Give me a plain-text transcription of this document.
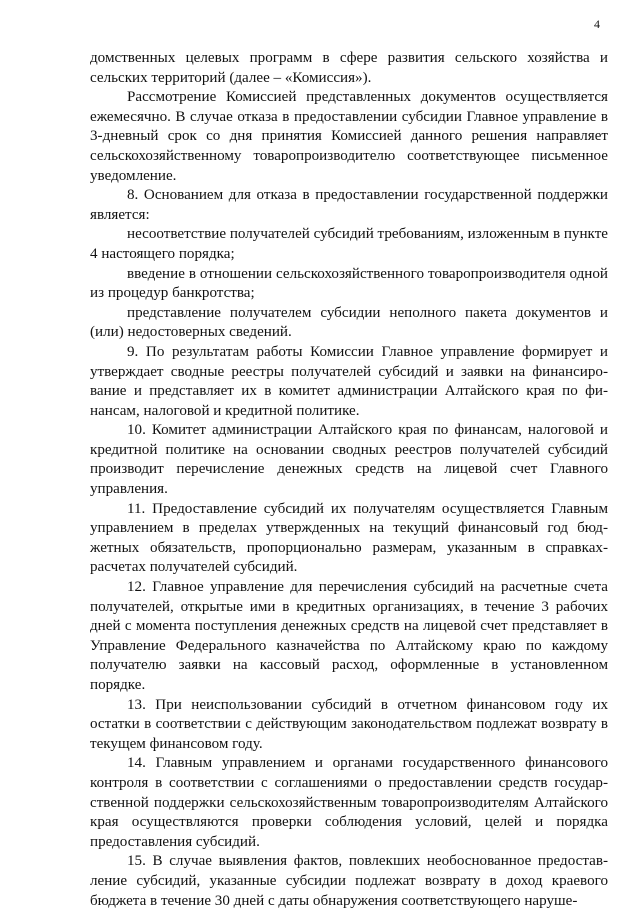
4

домственных целевых программ в сфере развития сельского хозяйства и сельских территорий (далее – «Комиссия»).

Рассмотрение Комиссией представленных документов осуществляется ежемесячно. В случае отказа в предоставлении субсидии Главное управление в 3-дневный срок со дня принятия Комиссией данного решения направляет сельскохозяйственному товаропроизводителю соответствующее письменное уведомление.

8. Основанием для отказа в предоставлении государственной поддержки является:

несоответствие получателей субсидий требованиям, изложенным в пункте 4 настоящего порядка;

введение в отношении сельскохозяйственного товаропроизводителя одной из процедур банкротства;

представление получателем субсидии неполного пакета документов и (или) недостоверных сведений.

9. По результатам работы Комиссии Главное управление формирует и утверждает сводные реестры получателей субсидий и заявки на финансирование и представляет их в комитет администрации Алтайского края по финансам, налоговой и кредитной политике.

10. Комитет администрации Алтайского края по финансам, налоговой и кредитной политике на основании сводных реестров получателей субсидий производит перечисление денежных средств на лицевой счет Главного управления.

11. Предоставление субсидий их получателям осуществляется Главным управлением в пределах утвержденных на текущий финансовый год бюджетных обязательств, пропорционально размерам, указанным в справках-расчетах получателей субсидий.

12. Главное управление для перечисления субсидий на расчетные счета получателей, открытые ими в кредитных организациях, в течение 3 рабочих дней с момента поступления денежных средств на лицевой счет представляет в Управление Федерального казначейства по Алтайскому краю по каждому получателю заявки на кассовый расход, оформленные в установленном порядке.

13. При неиспользовании субсидий в отчетном финансовом году их остатки в соответствии с действующим законодательством подлежат возврату в текущем финансовом году.

14. Главным управлением и органами государственного финансового контроля в соответствии с соглашениями о предоставлении средств государственной поддержки сельскохозяйственным товаропроизводителям Алтайского края осуществляются проверки соблюдения условий, целей и порядка предоставления субсидий.

15. В случае выявления фактов, повлекших необоснованное предоставление субсидий, указанные субсидии подлежат возврату в доход краевого бюджета в течение 30 дней с даты обнаружения соответствующего наруше-
